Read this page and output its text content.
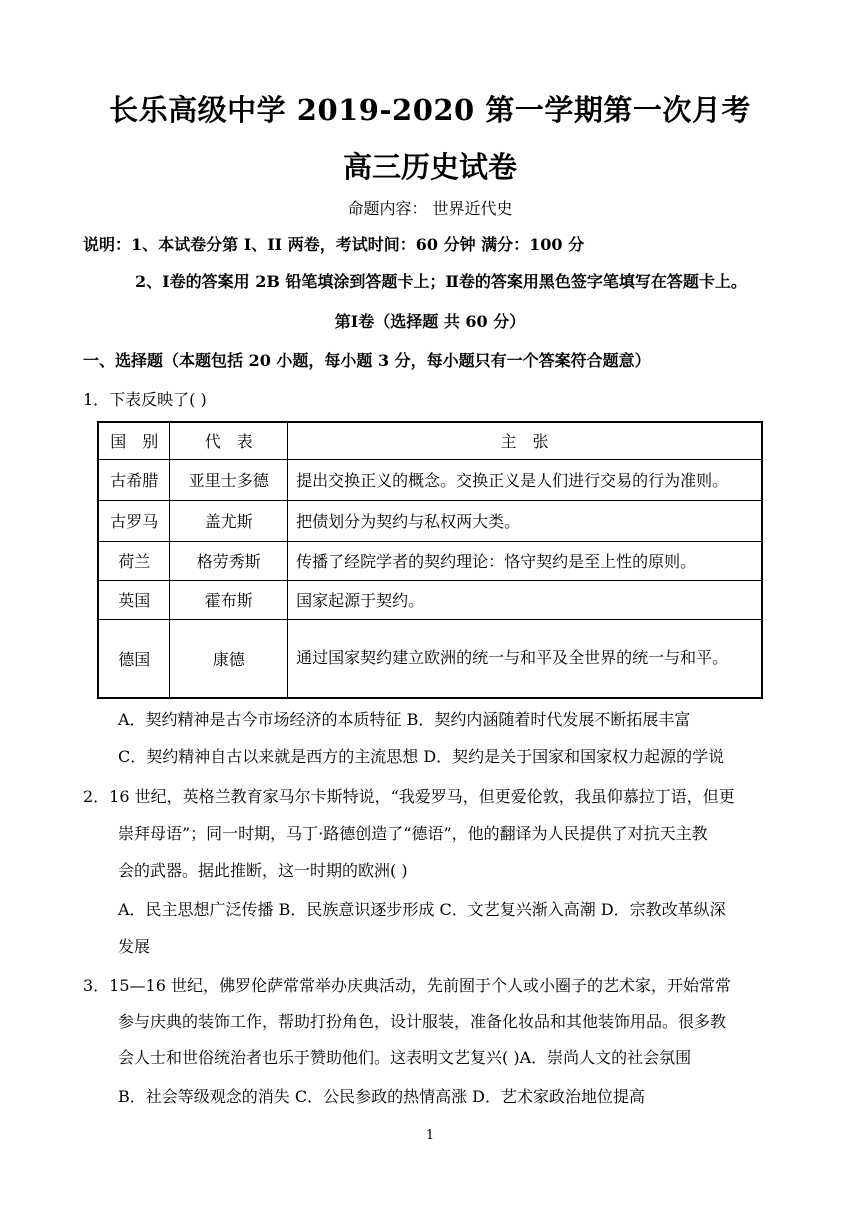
长乐高级中学 2019-2020 第一学期第一次月考
高三历史试卷
命题内容： 世界近代史
说明：1、本试卷分第 I、II 两卷，考试时间：60 分钟 满分：100 分
2、Ⅰ卷的答案用 2B 铅笔填涂到答题卡上；Ⅱ卷的答案用黑色签字笔填写在答题卡上。
第Ⅰ卷（选择题 共 60 分）
一、选择题（本题包括 20 小题，每小题 3 分，每小题只有一个答案符合题意）
1．下表反映了( )
国　别	代　表	主　张
古希腊	亚里士多德	提出交换正义的概念。交换正义是人们进行交易的行为准则。
古罗马	盖尤斯	把债划分为契约与私权两大类。
荷兰	格劳秀斯	传播了经院学者的契约理论：恪守契约是至上性的原则。
英国	霍布斯	国家起源于契约。
德国	康德	通过国家契约建立欧洲的统一与和平及全世界的统一与和平。
A．契约精神是古今市场经济的本质特征 B．契约内涵随着时代发展不断拓展丰富
C．契约精神自古以来就是西方的主流思想 D．契约是关于国家和国家权力起源的学说
2．16 世纪，英格兰教育家马尔卡斯特说，“我爱罗马，但更爱伦敦，我虽仰慕拉丁语，但更
崇拜母语”；同一时期，马丁·路德创造了“德语”，他的翻译为人民提供了对抗天主教
会的武器。据此推断，这一时期的欧洲( )
A．民主思想广泛传播 B．民族意识逐步形成 C．文艺复兴渐入高潮 D．宗教改革纵深
发展
3．15—16 世纪，佛罗伦萨常常举办庆典活动，先前囿于个人或小圈子的艺术家，开始常常
参与庆典的装饰工作，帮助打扮角色，设计服装，准备化妆品和其他装饰用品。很多教
会人士和世俗统治者也乐于赞助他们。这表明文艺复兴( )A．崇尚人文的社会氛围
B．社会等级观念的消失 C．公民参政的热情高涨 D．艺术家政治地位提高
1
